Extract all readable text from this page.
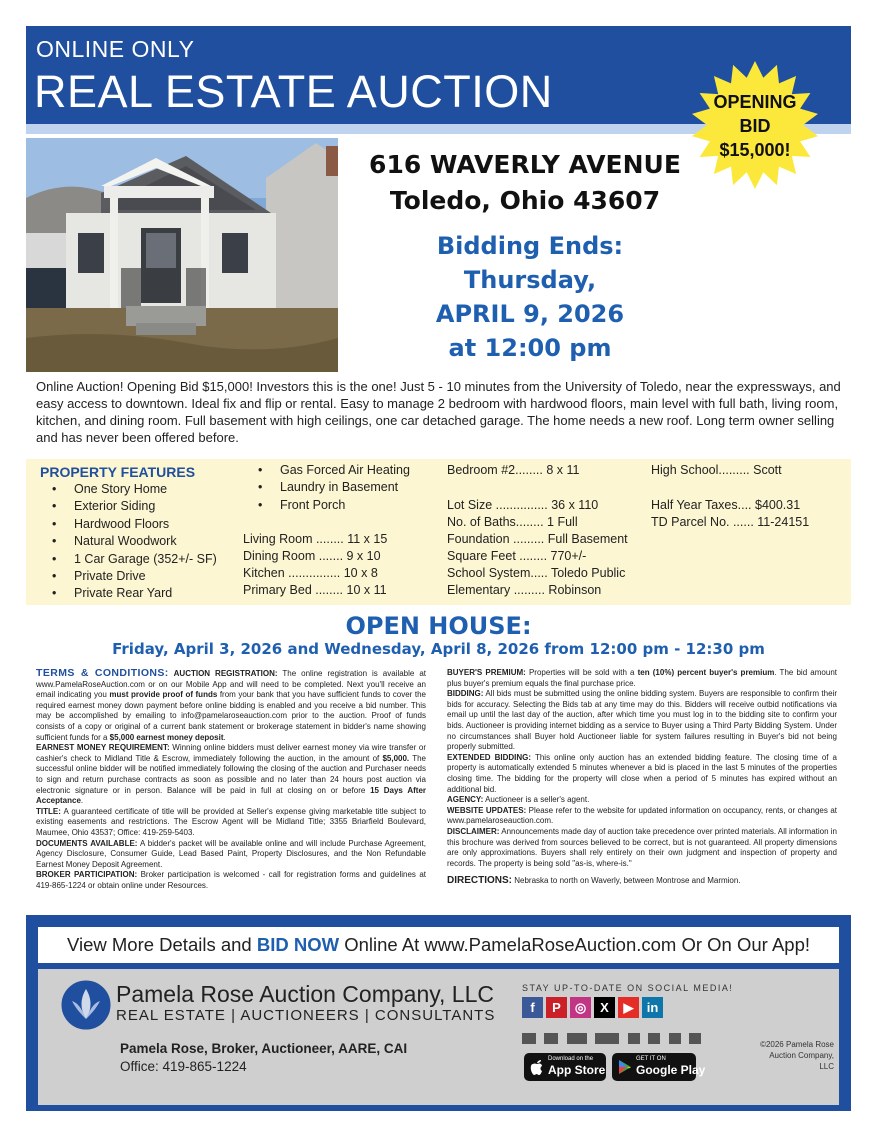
ONLINE ONLY
REAL ESTATE AUCTION	OPENING
BID
$15,000!
616 WAVERLY AVENUE
Toledo, Ohio 43607
Bidding Ends:
Thursday,
APRIL 9, 2026
at 12:00 pm
Online Auction! Opening Bid $15,000! Investors this is the one! Just 5 - 10 minutes from the University of Toledo, near the expressways, and easy access to downtown. Ideal fix and flip or rental. Easy to manage 2 bedroom with hardwood floors, main level with full bath, living room, kitchen, and dining room. Full basement with high ceilings, one car detached garage. The home needs a new roof. Long term owner selling and has never been offered before.
PROPERTY FEATURES
• One Story Home
• Exterior Siding
• Hardwood Floors
• Natural Woodwork
• 1 Car Garage (352+/- SF)
• Private Drive
• Private Rear Yard
• Gas Forced Air Heating
• Laundry in Basement
• Front Porch
Living Room ........ 11 x 15
Dining Room ....... 9 x 10
Kitchen ............... 10 x 8
Primary Bed ........ 10 x 11
Bedroom #2........ 8 x 11
Lot Size ............... 36 x 110
No. of Baths........ 1 Full
Foundation ......... Full Basement
Square Feet ........ 770+/-
School System..... Toledo Public
Elementary ......... Robinson
High School......... Scott
Half Year Taxes.... $400.31
TD Parcel No. ...... 11-24151
OPEN HOUSE:
Friday, April 3, 2026 and Wednesday, April 8, 2026 from 12:00 pm - 12:30 pm

TERMS & CONDITIONS: AUCTION REGISTRATION: The online registration is available at www.PamelaRoseAuction.com or on our Mobile App and will need to be completed. Next you'll receive an email indicating you must provide proof of funds from your bank that you have sufficient funds to cover the required earnest money down payment before online bidding is enabled and you receive a bid number. This may be accomplished by emailing to info@pamelaroseauction.com prior to the auction. Proof of funds consists of a copy or original of a current bank statement or brokerage statement in bidder's name showing sufficient funds for a $5,000 earnest money deposit.

EARNEST MONEY REQUIREMENT: Winning online bidders must deliver earnest money via wire transfer or cashier's check to Midland Title & Escrow, immediately following the auction, in the amount of $5,000. The successful online bidder will be notified immediately following the closing of the auction and Purchaser needs to sign and return purchase contracts as soon as possible and no later than 24 hours post auction via electronic signature or in person. Balance will be paid in full at closing on or before 15 Days After Acceptance.

TITLE: A guaranteed certificate of title will be provided at Seller's expense giving marketable title subject to existing easements and restrictions. The Escrow Agent will be Midland Title; 3355 Briarfield Boulevard, Maumee, Ohio 43537; Office: 419-259-5403.

DOCUMENTS AVAILABLE: A bidder's packet will be available online and will include Purchase Agreement, Agency Disclosure, Consumer Guide, Lead Based Paint, Property Disclosures, and the Non Refundable Earnest Money Deposit Agreement.

BROKER PARTICIPATION: Broker participation is welcomed - call for registration forms and guidelines at 419-865-1224 or obtain online under Resources.

BUYER'S PREMIUM: Properties will be sold with a ten (10%) percent buyer's premium. The bid amount plus buyer's premium equals the final purchase price.

BIDDING: All bids must be submitted using the online bidding system. Buyers are responsible to confirm their bids for accuracy. Selecting the Bids tab at any time may do this. Bidders will receive outbid notifications via email up until the last day of the auction, after which time you must log in to the bidding site to confirm your bids. Auctioneer is providing internet bidding as a service to Buyer using a Third Party Bidding System. Under no circumstances shall Buyer hold Auctioneer liable for system failures resulting in Buyer's bid not being properly submitted.

EXTENDED BIDDING: This online only auction has an extended bidding feature. The closing time of a property is automatically extended 5 minutes whenever a bid is placed in the last 5 minutes of the properties closing time. The bidding for the property will close when a period of 5 minutes has expired without an additional bid.

AGENCY: Auctioneer is a seller's agent.

WEBSITE UPDATES: Please refer to the website for updated information on occupancy, rents, or changes at www.pamelaroseauction.com.

DISCLAIMER: Announcements made day of auction take precedence over printed materials. All information in this brochure was derived from sources believed to be correct, but is not guaranteed. All property dimensions are only approximations. Buyers shall rely entirely on their own judgment and inspection of property and records. The property is being sold "as-is, where-is."

DIRECTIONS: Nebraska to north on Waverly, between Montrose and Marmion.

View More Details and BID NOW Online At www.PamelaRoseAuction.com Or On Our App!
Pamela Rose Auction Company, LLC
REAL ESTATE | AUCTIONEERS | CONSULTANTS
Pamela Rose, Broker, Auctioneer, AARE, CAI
Office: 419-865-1224
STAY UP-TO-DATE ON SOCIAL MEDIA!
f	P	◎	X	▶	in

Download on the
App Store
GET IT ON
Google Play
©2026 Pamela Rose Auction Company, LLC
